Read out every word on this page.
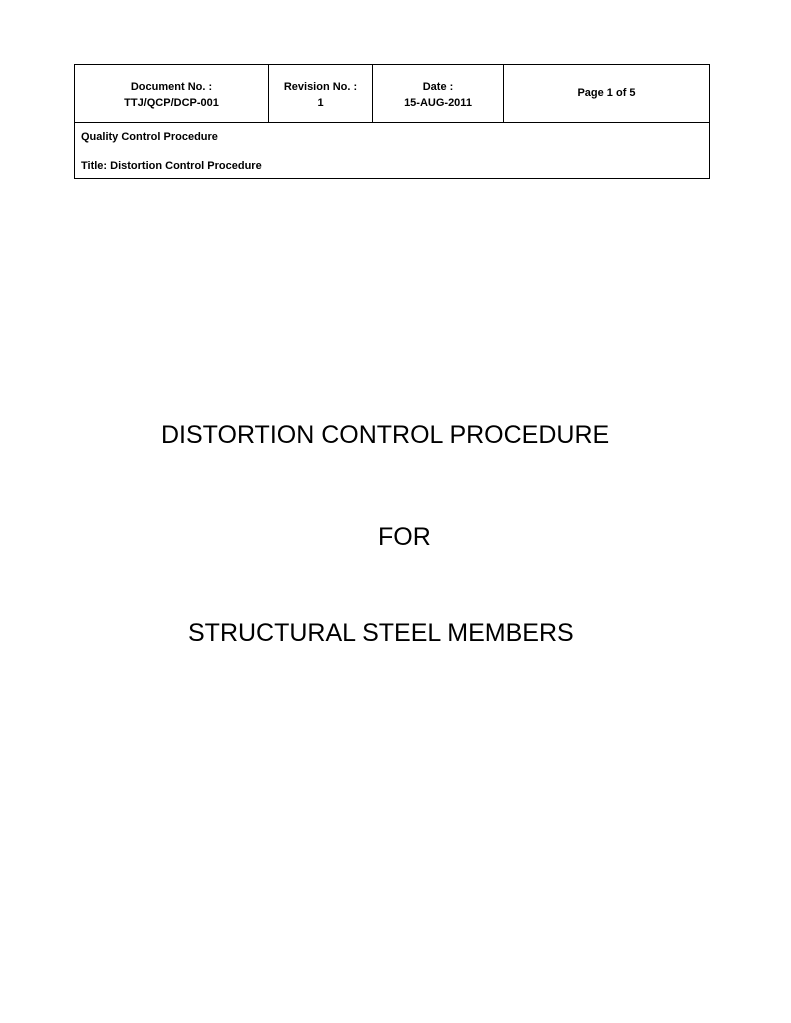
Document No. :
TTJ/QCP/DCP-001
Revision No. :
1
Date :
15-AUG-2011
Page 1 of 5
Quality Control Procedure
Title: Distortion Control Procedure
DISTORTION CONTROL PROCEDURE
FOR
STRUCTURAL STEEL MEMBERS
